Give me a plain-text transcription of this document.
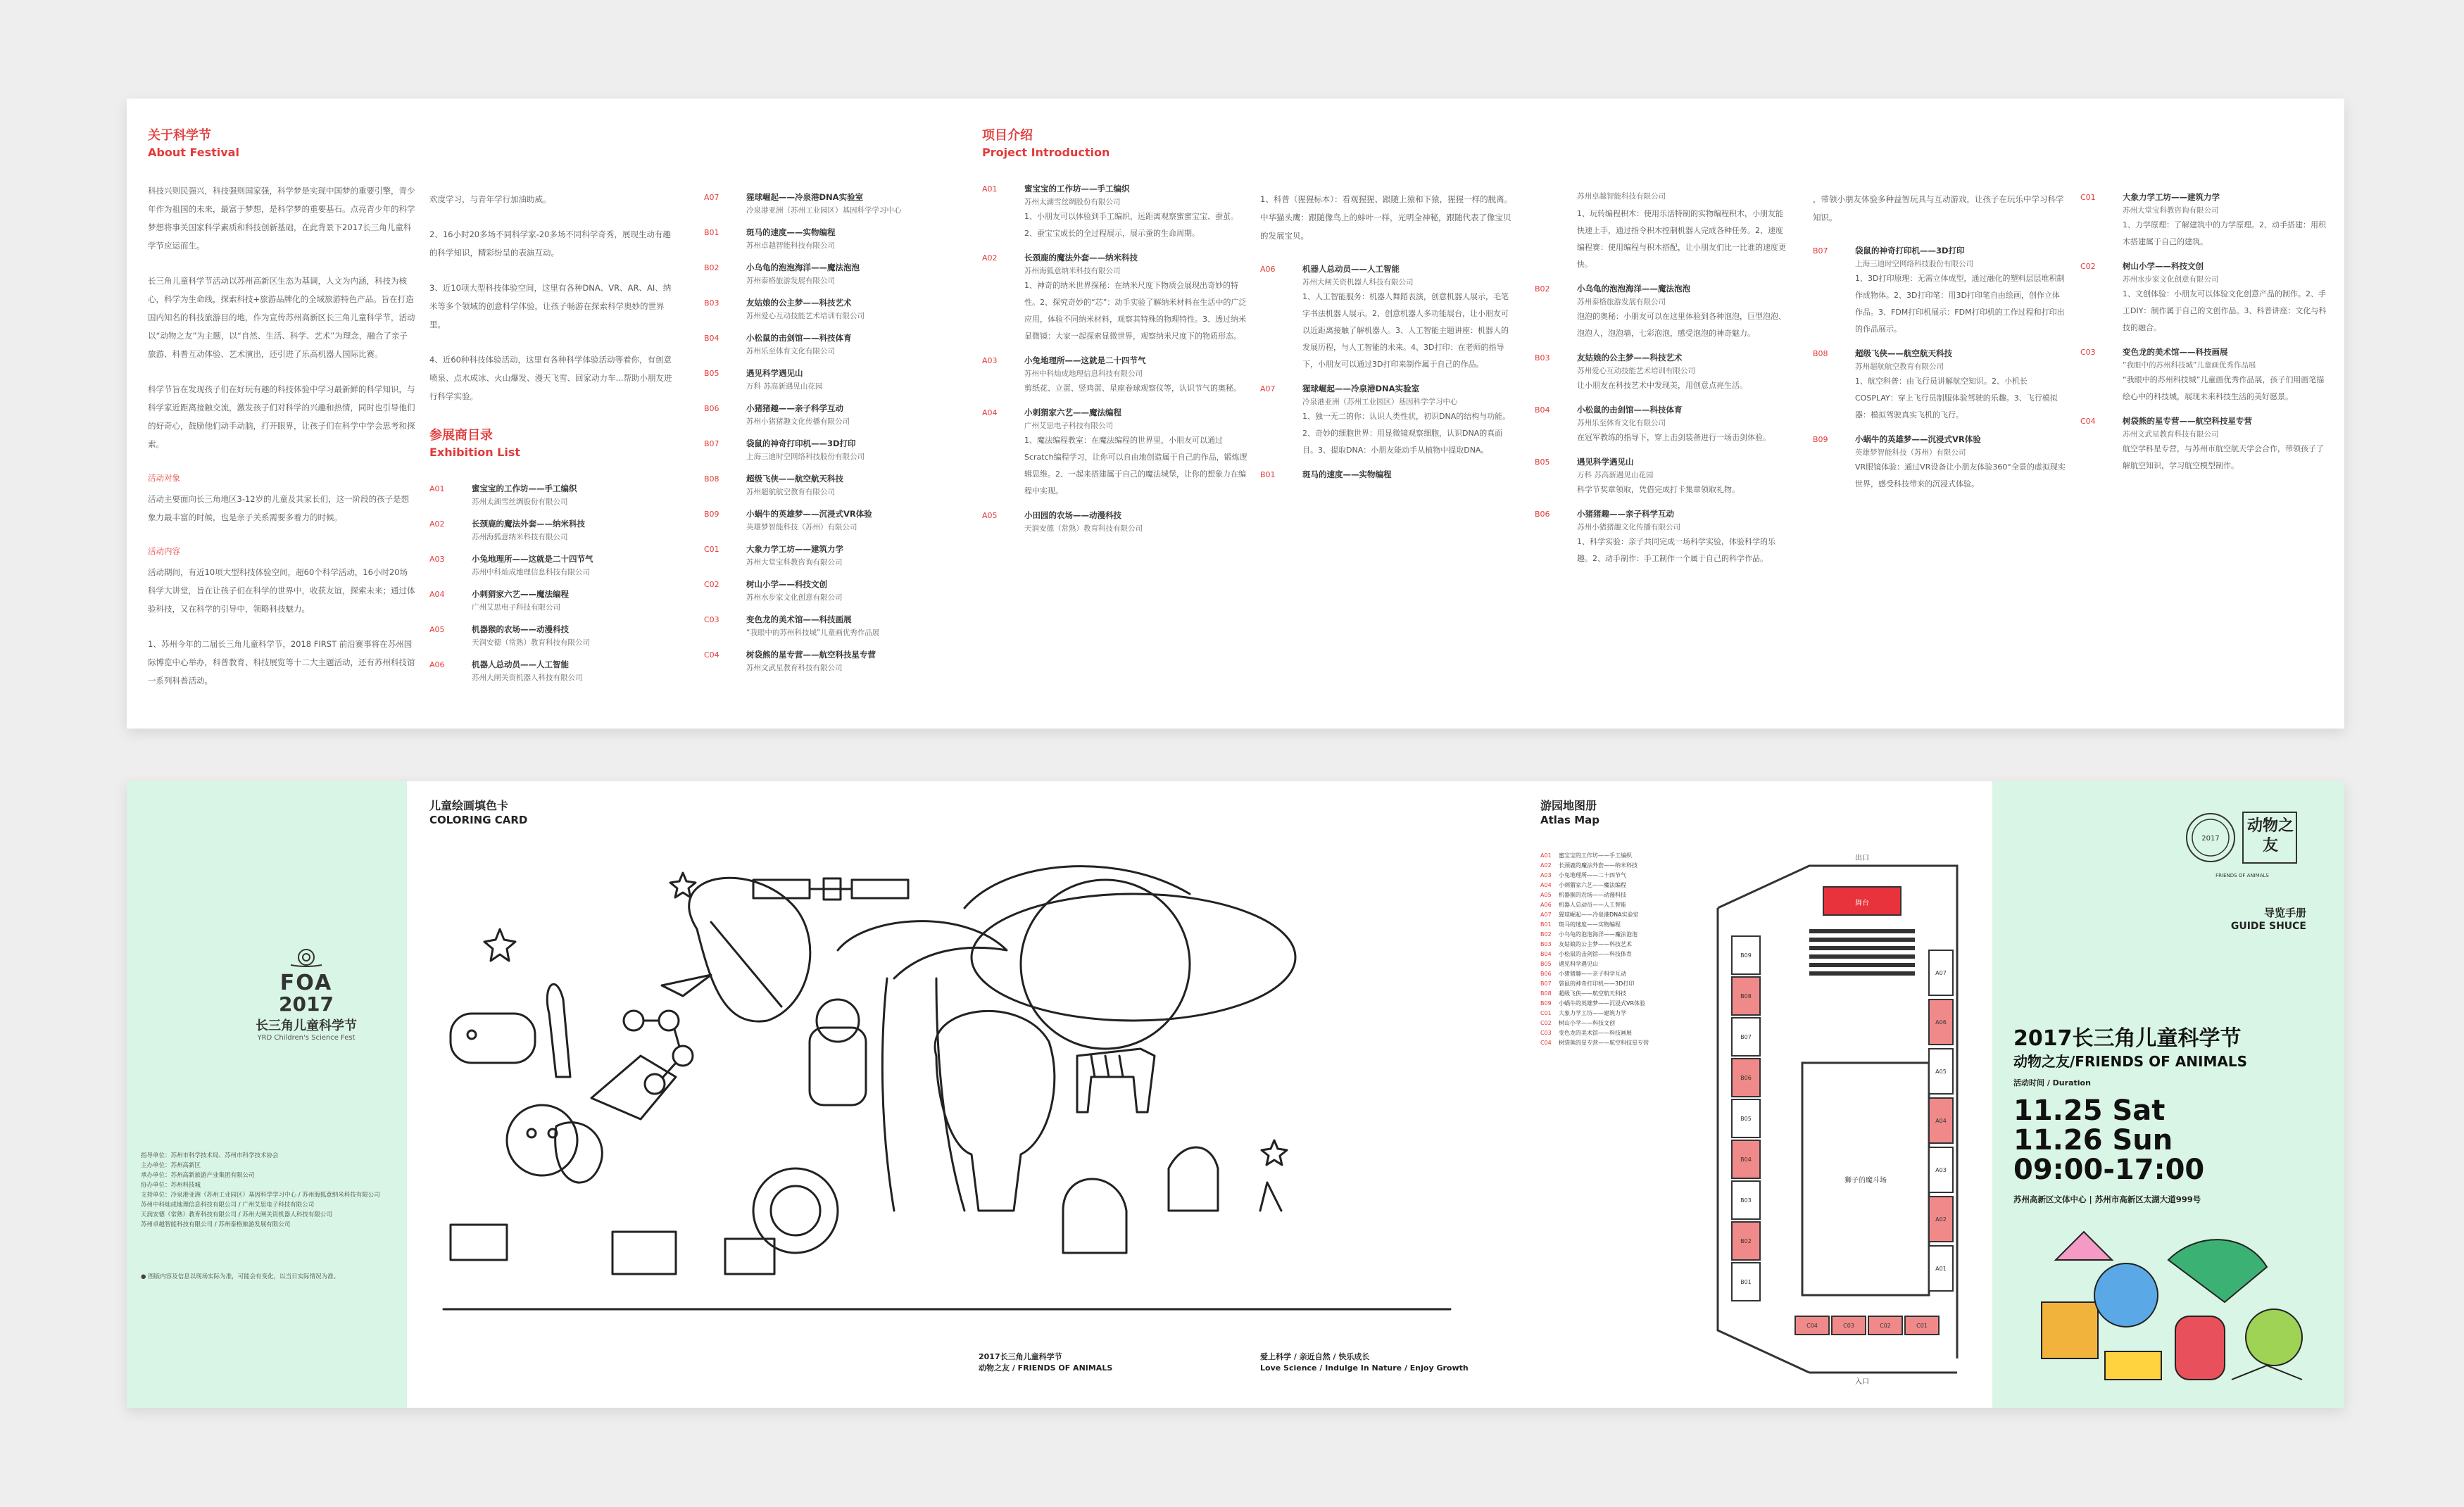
关于科学节
About Festival
科技兴则民强兴，科技强则国家强，科学梦是实现中国梦的重要引擎，青少年作为祖国的未来，最富于梦想，是科学梦的重要基石。点亮青少年的科学梦想将事关国家科学素质和科技创新基础，在此背景下2017长三角儿童科学节应运而生。
长三角儿童科学节活动以苏州高新区生态为基调，人文为内涵，科技为核心，科学为生命线，探索科技+旅游品牌化的全域旅游特色产品。旨在打造国内知名的科技旅游目的地，作为宣传苏州高新区长三角儿童科学节，活动以“动物之友”为主题，以“自然、生活、科学、艺术”为理念，融合了亲子旅游、科普互动体验、艺术演出，还引进了乐高机器人国际比赛。
科学节旨在发现孩子们在好玩有趣的科技体验中学习最新鲜的科学知识，与科学家近距离接触交流，激发孩子们对科学的兴趣和热情，同时也引导他们的好奇心，鼓励他们动手动脑，打开眼界，让孩子们在科学中学会思考和探索。
活动对象
活动主要面向长三角地区3-12岁的儿童及其家长们，这一阶段的孩子是想象力最丰富的时候，也是亲子关系需要多着力的时候。
活动内容
活动期间，有近10项大型科技体验空间，超60个科学活动，16小时20场科学大讲堂，旨在让孩子们在科学的世界中，收获友谊，探索未来；通过体验科技，又在科学的引导中，领略科技魅力。
1、苏州今年的二届长三角儿童科学节，2018 FIRST 前沿赛事将在苏州国际博览中心举办，科普教育、科技展览等十二大主题活动，还有苏州科技馆一系列科普活动。
欢度学习，与青年学行加油助威。
2、16小时20多场不同科学家-20多场不同科学奇秀，展现生动有趣的科学知识，精彩纷呈的表演互动。
3、近10项大型科技体验空间，这里有各种DNA、VR、AR、AI、纳米等多个领域的创意科学体验，让孩子畅游在探索科学奥妙的世界里。
4、近60种科技体验活动，这里有各种科学体验活动等着你，有创意喷泉、点水成冰、火山爆发、漫天飞雪、回家动力车...帮助小朋友进行科学实验。
参展商目录
Exhibition List
A01	蜜宝宝的工作坊——手工编织
苏州太湖雪丝绸股份有限公司
A02	长颈鹿的魔法外套——纳米科技
苏州海狐意纳米科技有限公司
A03	小兔地理所——这就是二十四节气
苏州中科灿成地理信息科技有限公司
A04	小刺猬家六艺——魔法编程
广州艾思电子科技有限公司
A05	机器猴的农场——动漫科技
天润安德（常熟）教育科技有限公司
A06	机器人总动员——人工智能
苏州大闸关资机器人科技有限公司
A07	猩球崛起——冷泉港DNA实验室
冷泉港亚洲（苏州工业园区）基因科学学习中心
B01	斑马的速度——实物编程
苏州卓越智能科技有限公司
B02	小乌龟的泡泡海洋——魔法泡泡
苏州泰格旅游发展有限公司
B03	友姑娘的公主梦——科技艺术
苏州爱心互动技能艺术培训有限公司
B04	小松鼠的击剑馆——科技体育
苏州乐至体育文化有限公司
B05	遇见科学遇见山
万科 苏高新遇见山花园
B06	小猪猪趣——亲子科学互动
苏州小猪猪趣文化传播有限公司
B07	袋鼠的神奇打印机——3D打印
上海三迪时空网络科技股份有限公司
B08	超级飞侠——航空航天科技
苏州超航航空教育有限公司
B09	小蜗牛的英雄梦——沉浸式VR体验
英雄梦智能科技（苏州）有限公司
C01	大象力学工坊——建筑力学
苏州大堂宝科教咨询有限公司
C02	树山小学——科技文创
苏州水步家文化创意有限公司
C03	变色龙的美术馆——科技画展
“我眼中的苏州科技城”儿童画优秀作品展
C04	树袋熊的星专营——航空科技星专营
苏州文武星教育科技有限公司
项目介绍
Project Introduction
A01	蜜宝宝的工作坊——手工编织
苏州太湖雪丝绸股份有限公司
1、小朋友可以体验到手工编织，远距离观察蜜蜜宝宝、蚕茧。2、蚕宝宝成长的全过程展示，展示蚕的生命周期。
A02	长颈鹿的魔法外套——纳米科技
苏州海狐意纳米科技有限公司
1、神奇的纳米世界探秘：在纳米尺度下物质会展现出奇妙的特性。2、探究奇妙的“芯”：动手实验了解纳米材料在生活中的广泛应用，体验不同纳米材料，观察其特殊的物理特性。3、透过纳米显微镜：大家一起探索显微世界，观察纳米尺度下的物质形态。
A03	小兔地理所——这就是二十四节气
苏州中科灿成地理信息科技有限公司
剪纸花、立蛋、竖鸡蛋、星座卷球观察仪等，认识节气的奥秘。
A04	小刺猬家六艺——魔法编程
广州艾思电子科技有限公司
1、魔法编程教室：在魔法编程的世界里，小朋友可以通过Scratch编程学习，让你可以自由地创造属于自己的作品，锻炼逻辑思维。2、一起来搭建属于自己的魔法城堡，让你的想象力在编程中实现。
A05	小田园的农场——动漫科技
天润安德（常熟）教育科技有限公司
1、科普（猩猩标本）：看观猩猩、跟随上猿和下猿，猩猩一样的脱离。中华猫头鹰：跟随像鸟上的蚌叶一样，光明全神秘，跟随代表了像宝贝的发展宝贝。
A06	机器人总动员——人工智能
苏州大闸关资机器人科技有限公司
1、人工智能服务：机器人舞蹈表演，创意机器人展示，毛笔字书法机器人展示。2、创意机器人多功能展台，让小朋友可以近距离接触了解机器人。3、人工智能主题讲座：机器人的发展历程，与人工智能的未来。4、3D打印：在老师的指导下，小朋友可以通过3D打印来制作属于自己的作品。
A07	猩球崛起——冷泉港DNA实验室
冷泉港亚洲（苏州工业园区）基因科学学习中心
1、独一无二的你：认识人类性状，初识DNA的结构与功能。2、奇妙的细胞世界：用显微镜观察细胞，认识DNA的真面目。3、提取DNA：小朋友能动手从植物中提取DNA。
B01	斑马的速度——实物编程
苏州卓越智能科技有限公司
1、玩转编程积木：使用乐活特制的实物编程积木，小朋友能快速上手，通过指令积木控制机器人完成各种任务。2、速度编程赛：使用编程与积木搭配，让小朋友们比一比谁的速度更快。
B02	小乌龟的泡泡海洋——魔法泡泡
苏州泰格旅游发展有限公司
泡泡的奥秘：小朋友可以在这里体验到各种泡泡，巨型泡泡、泡泡人，泡泡墙，七彩泡泡，感受泡泡的神奇魅力。
B03	友姑娘的公主梦——科技艺术
苏州爱心互动技能艺术培训有限公司
让小朋友在科技艺术中发现美，用创意点亮生活。
B04	小松鼠的击剑馆——科技体育
苏州乐至体育文化有限公司
在冠军教练的指导下，穿上击剑装备进行一场击剑体验。
B05	遇见科学遇见山
万科 苏高新遇见山花园
科学节奖章领取，凭借完成打卡集章领取礼物。
B06	小猪猪趣——亲子科学互动
苏州小猪猪趣文化传播有限公司
1、科学实验：亲子共同完成一场科学实验，体验科学的乐趣。2、动手制作：手工制作一个属于自己的科学作品。
，带领小朋友体验多种益智玩具与互动游戏，让孩子在玩乐中学习科学知识。
B07	袋鼠的神奇打印机——3D打印
上海三迪时空网络科技股份有限公司
1、3D打印原理：无需立体成型，通过融化的塑料层层堆积制作成物体。2、3D打印笔：用3D打印笔自由绘画，创作立体作品。3、FDM打印机展示：FDM打印机的工作过程和打印出的作品展示。
B08	超级飞侠——航空航天科技
苏州超航航空教育有限公司
1、航空科普：由飞行员讲解航空知识。2、小机长COSPLAY：穿上飞行员制服体验驾驶的乐趣。3、飞行模拟器：模拟驾驶真实飞机的飞行。
B09	小蜗牛的英雄梦——沉浸式VR体验
英雄梦智能科技（苏州）有限公司
VR眼镜体验：通过VR设备让小朋友体验360°全景的虚拟现实世界，感受科技带来的沉浸式体验。
C01	大象力学工坊——建筑力学
苏州大堂宝科教咨询有限公司
1、力学原理：了解建筑中的力学原理。2、动手搭建：用积木搭建属于自己的建筑。
C02	树山小学——科技文创
苏州水步家文化创意有限公司
1、文创体验：小朋友可以体验文化创意产品的制作。2、手工DIY：制作属于自己的文创作品。3、科普讲座：文化与科技的融合。
C03	变色龙的美术馆——科技画展
“我眼中的苏州科技城”儿童画优秀作品展
“我眼中的苏州科技城”儿童画优秀作品展，孩子们用画笔描绘心中的科技城，展现未来科技生活的美好愿景。
C04	树袋熊的星专营——航空科技星专营
苏州文武星教育科技有限公司
航空学科星专营，与苏州市航空航天学会合作，带领孩子了解航空知识，学习航空模型制作。
FOA
2017
长三角儿童科学节
YRD Children's Science Fest
指导单位：苏州市科学技术局、苏州市科学技术协会
主办单位：苏州高新区
承办单位：苏州高新旅游产业集团有限公司
协办单位：苏州科技城
支持单位：冷泉港亚洲（苏州工业园区）基因科学学习中心 / 苏州海狐意纳米科技有限公司
苏州中科灿成地理信息科技有限公司 / 广州艾思电子科技有限公司
天润安德（常熟）教育科技有限公司 / 苏州大闸关资机器人科技有限公司
苏州卓越智能科技有限公司 / 苏州泰格旅游发展有限公司
● 图版内容及信息以现场实际为准，可能会有变化，以当日实际情况为准。
儿童绘画填色卡
COLORING CARD
2017长三角儿童科学节
动物之友 / FRIENDS OF ANIMALS
爱上科学 / 亲近自然 / 快乐成长
Love Science / Indulge In Nature / Enjoy Growth
游园地图册
Atlas Map
A01	蜜宝宝的工作坊——手工编织
A02	长颈鹿的魔法外套——纳米科技
A03	小兔地理所——二十四节气
A04	小刺猬家六艺——魔法编程
A05	机器猴的农场——动漫科技
A06	机器人总动员——人工智能
A07	猩球崛起——冷泉港DNA实验室
B01	斑马的速度——实物编程
B02	小乌龟的泡泡海洋——魔法泡泡
B03	友姑娘的公主梦——科技艺术
B04	小松鼠的击剑馆——科技体育
B05	遇见科学遇见山
B06	小猪猪趣——亲子科学互动
B07	袋鼠的神奇打印机——3D打印
B08	超级飞侠——航空航天科技
B09	小蜗牛的英雄梦——沉浸式VR体验
C01	大象力学工坊——建筑力学
C02	树山小学——科技文创
C03	变色龙的美术馆——科技画展
C04	树袋熊的星专营——航空科技星专营
舞台
狮子的魔斗场
B09
B08
B07
B06
B05
B04
B03
B02
B01
A07
A06
A05
A04
A03
A02
A01
C04	C03	C02	C01
出口
入口
2017
动物之友
FRIENDS OF ANIMALS
导览手册
GUIDE SHUCE
2017长三角儿童科学节
动物之友/FRIENDS OF ANIMALS
活动时间 / Duration
11.25 Sat
11.26 Sun
09:00-17:00
苏州高新区文体中心 | 苏州市高新区太湖大道999号
